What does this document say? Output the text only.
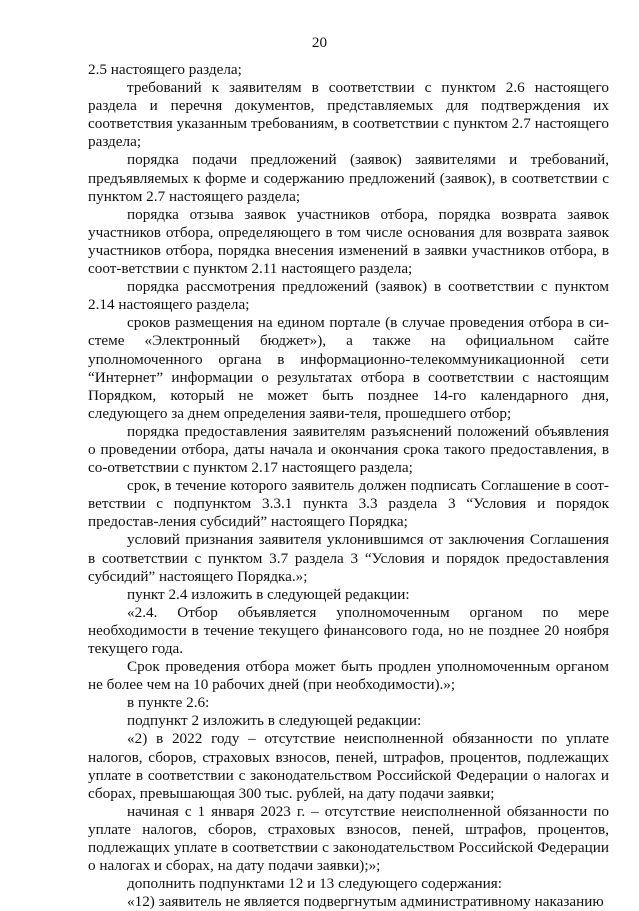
20

2.5 настоящего раздела;

требований к заявителям в соответствии с пунктом 2.6 настоящего раздела и перечня документов, представляемых для подтверждения их соответствия указанным требованиям, в соответствии с пунктом 2.7 настоящего раздела;

порядка подачи предложений (заявок) заявителями и требований, предъявляемых к форме и содержанию предложений (заявок), в соответствии с пунктом 2.7 настоящего раздела;

порядка отзыва заявок участников отбора, порядка возврата заявок участников отбора, определяющего в том числе основания для возврата заявок участников отбора, порядка внесения изменений в заявки участников отбора, в соот-ветствии с пунктом 2.11 настоящего раздела;

порядка рассмотрения предложений (заявок) в соответствии с пунктом 2.14 настоящего раздела;

сроков размещения на едином портале (в случае проведения отбора в си-стеме «Электронный бюджет»), а также на официальном сайте уполномоченного органа в информационно-телекоммуникационной сети “Интернет” информации о результатах отбора в соответствии с настоящим Порядком, который не может быть позднее 14-го календарного дня, следующего за днем определения заяви-теля, прошедшего отбор;

порядка предоставления заявителям разъяснений положений объявления о проведении отбора, даты начала и окончания срока такого предоставления, в со-ответствии с пунктом 2.17 настоящего раздела;

срок, в течение которого заявитель должен подписать Соглашение в соот-ветствии с подпунктом 3.3.1 пункта 3.3 раздела 3 “Условия и порядок предостав-ления субсидий” настоящего Порядка;

условий признания заявителя уклонившимся от заключения Соглашения в соответствии с пунктом 3.7 раздела 3 “Условия и порядок предоставления субсидий” настоящего Порядка.»;

пункт 2.4 изложить в следующей редакции:

«2.4. Отбор объявляется уполномоченным органом по мере необходимости в течение текущего финансового года, но не позднее 20 ноября текущего года.

Срок проведения отбора может быть продлен уполномоченным органом не более чем на 10 рабочих дней (при необходимости).»;

в пункте 2.6:

подпункт 2 изложить в следующей редакции:

«2) в 2022 году – отсутствие неисполненной обязанности по уплате налогов, сборов, страховых взносов, пеней, штрафов, процентов, подлежащих уплате в соответствии с законодательством Российской Федерации о налогах и сборах, превышающая 300 тыс. рублей, на дату подачи заявки;

начиная с 1 января 2023 г. – отсутствие неисполненной обязанности по уплате налогов, сборов, страховых взносов, пеней, штрафов, процентов, подлежащих уплате в соответствии с законодательством Российской Федерации о налогах и сборах, на дату подачи заявки);»;

дополнить подпунктами 12 и 13 следующего содержания:

«12) заявитель не является подвергнутым административному наказанию
